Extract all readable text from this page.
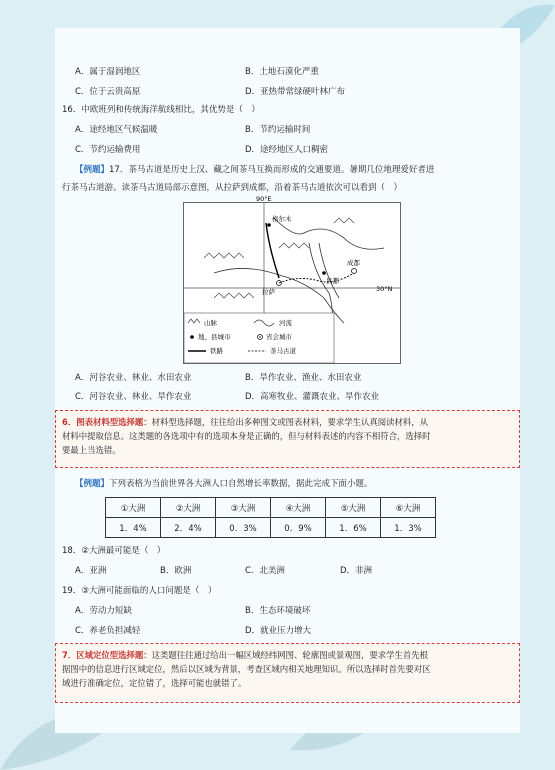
A．属于湿润地区	B．土地石漠化严重
C．位于云贵高原	D．亚热带常绿硬叶林广布
16．中欧班列和传统海洋航线相比，其优势是（　）
A．途经地区气候温暖	B．节约运输时间
C．节约运输费用	D．途经地区人口稠密
【例题】17．茶马古道是历史上汉、藏之间茶马互换而形成的交通要道。暑期几位地理爱好者进
行茶马古道游。读茶马古道局部示意图，从拉萨到成都，沿着茶马古道依次可以看到（　）
90°E
格尔木
拉萨
成都
昌都
30°N
山脉	河流
地、县城市	省会城市
铁路	茶马古道
A．河谷农业、林业、水田农业	B．旱作农业、渔业、水田农业
C．河谷农业、林业、旱作农业	D．高寒牧业、灌溉农业、旱作农业

6．图表材料型选择题：材料型选择题，往往给出多种图文或图表材料，要求学生认真阅读材料，从

材料中提取信息。这类题的各选项中有的选项本身是正确的，但与材料表述的内容不相符合，选择时

要最上当选错。

【例题】下列表格为当前世界各大洲人口自然增长率数据，据此完成下面小题。
①大洲	②大洲	③大洲	④大洲	⑤大洲	⑥大洲
1．4%	2．4%	0．3%	0．9%	1．6%	1．3%
18．②大洲最可能是（　）
A．亚洲	B．欧洲	C．北美洲	D．非洲
19．③大洲可能面临的人口问题是（　）
A．劳动力短缺	B．生态环境破坏
C．养老负担减轻	D．就业压力增大

7．区域定位型选择题：这类题往往通过给出一幅区域经纬网图、轮廓图或景观图，要求学生首先根

据图中的信息进行区域定位，然后以区域为背景，考查区域内相关地理知识。所以选择时首先要对区

域进行准确定位，定位错了，选择可能也就错了。
